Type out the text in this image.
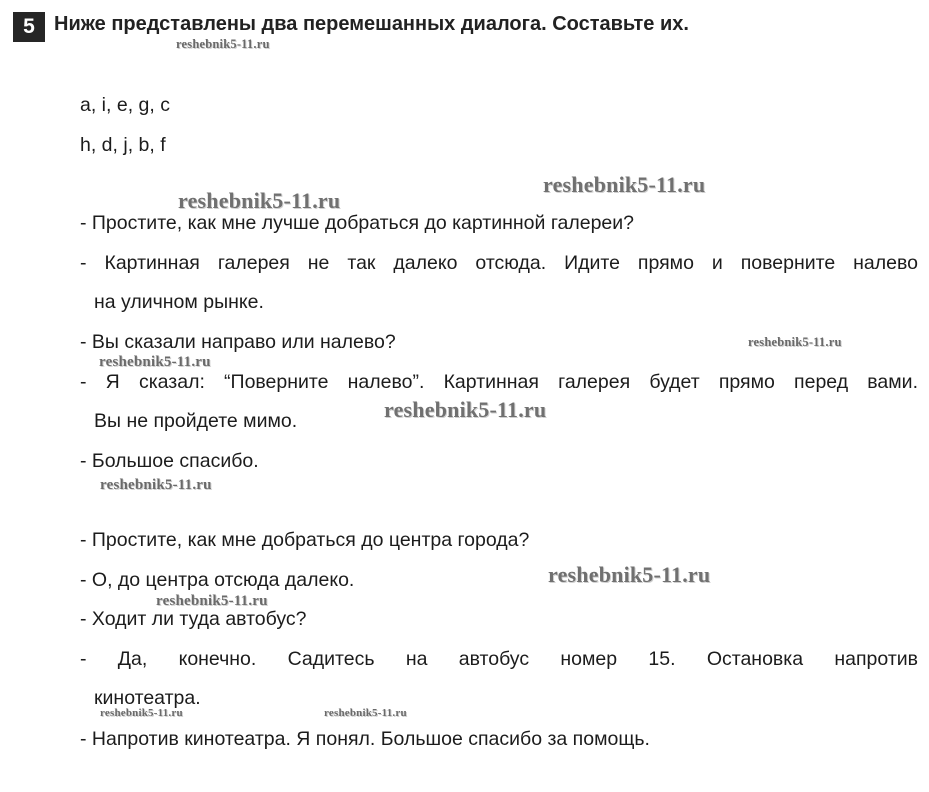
5 Ниже представлены два перемешанных диалога. Составьте их.
a, i, e, g, c
h, d, j, b, f
- Простите, как мне лучше добраться до картинной галереи?
- Картинная галерея не так далеко отсюда. Идите прямо и поверните налево
на уличном рынке.
- Вы сказали направо или налево?
- Я сказал: “Поверните налево”. Картинная галерея будет прямо перед вами.
Вы не пройдете мимо.
- Большое спасибо.
- Простите, как мне добраться до центра города?
- О, до центра отсюда далеко.
- Ходит ли туда автобус?
- Да, конечно. Садитесь на автобус номер 15. Остановка напротив
кинотеатра.
- Напротив кинотеатра. Я понял. Большое спасибо за помощь.
reshebnik5-11.ru
reshebnik5-11.ru
reshebnik5-11.ru
reshebnik5-11.ru
reshebnik5-11.ru
reshebnik5-11.ru
reshebnik5-11.ru
reshebnik5-11.ru
reshebnik5-11.ru
reshebnik5-11.ru	reshebnik5-11.ru
